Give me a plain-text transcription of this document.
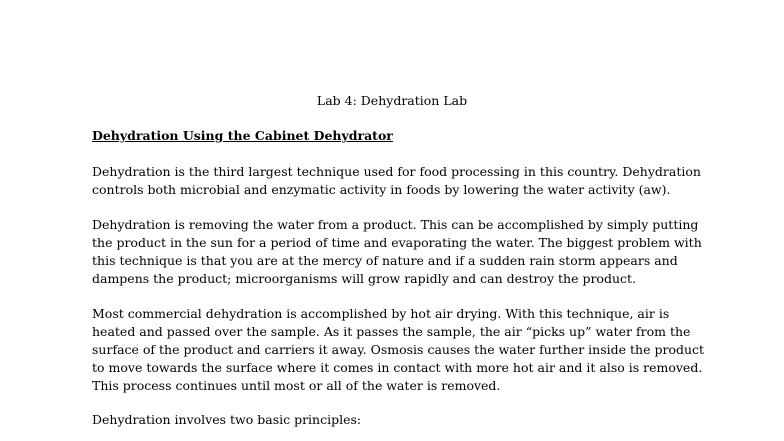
Lab 4: Dehydration Lab
Dehydration Using the Cabinet Dehydrator
Dehydration is the third largest technique used for food processing in this country. Dehydration
controls both microbial and enzymatic activity in foods by lowering the water activity (aw).
Dehydration is removing the water from a product. This can be accomplished by simply putting
the product in the sun for a period of time and evaporating the water. The biggest problem with
this technique is that you are at the mercy of nature and if a sudden rain storm appears and
dampens the product; microorganisms will grow rapidly and can destroy the product.
Most commercial dehydration is accomplished by hot air drying. With this technique, air is
heated and passed over the sample. As it passes the sample, the air “picks up” water from the
surface of the product and carriers it away. Osmosis causes the water further inside the product
to move towards the surface where it comes in contact with more hot air and it also is removed.
This process continues until most or all of the water is removed.
Dehydration involves two basic principles:
